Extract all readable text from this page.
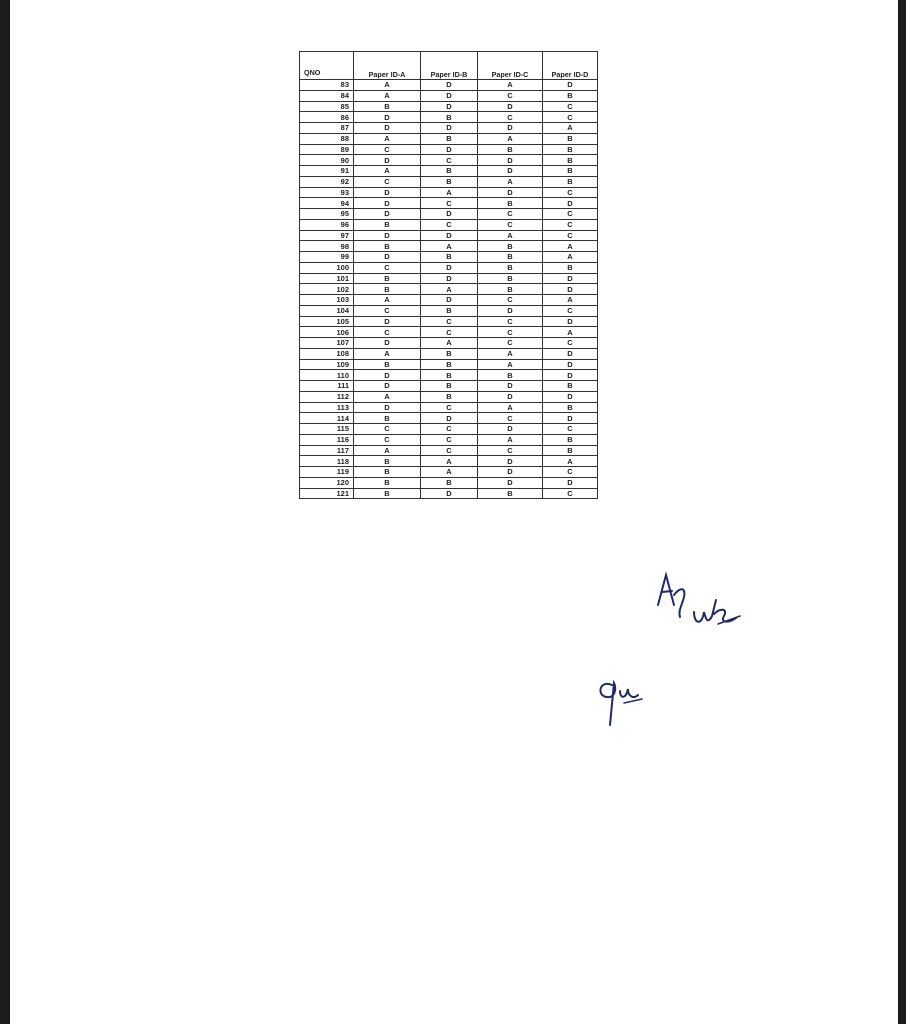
QNO	Paper ID-A	Paper ID-B	Paper ID-C	Paper ID-D
83	A	D	A	D
84	A	D	C	B
85	B	D	D	C
86	D	B	C	C
87	D	D	D	A
88	A	B	A	B
89	C	D	B	B
90	D	C	D	B
91	A	B	D	B
92	C	B	A	B
93	D	A	D	C
94	D	C	B	D
95	D	D	C	C
96	B	C	C	C
97	D	D	A	C
98	B	A	B	A
99	D	B	B	A
100	C	D	B	B
101	B	D	B	D
102	B	A	B	D
103	A	D	C	A
104	C	B	D	C
105	D	C	C	D
106	C	C	C	A
107	D	A	C	C
108	A	B	A	D
109	B	B	A	D
110	D	B	B	D
111	D	B	D	B
112	A	B	D	D
113	D	C	A	B
114	B	D	C	D
115	C	C	D	C
116	C	C	A	B
117	A	C	C	B
118	B	A	D	A
119	B	A	D	C
120	B	B	D	D
121	B	D	B	C
